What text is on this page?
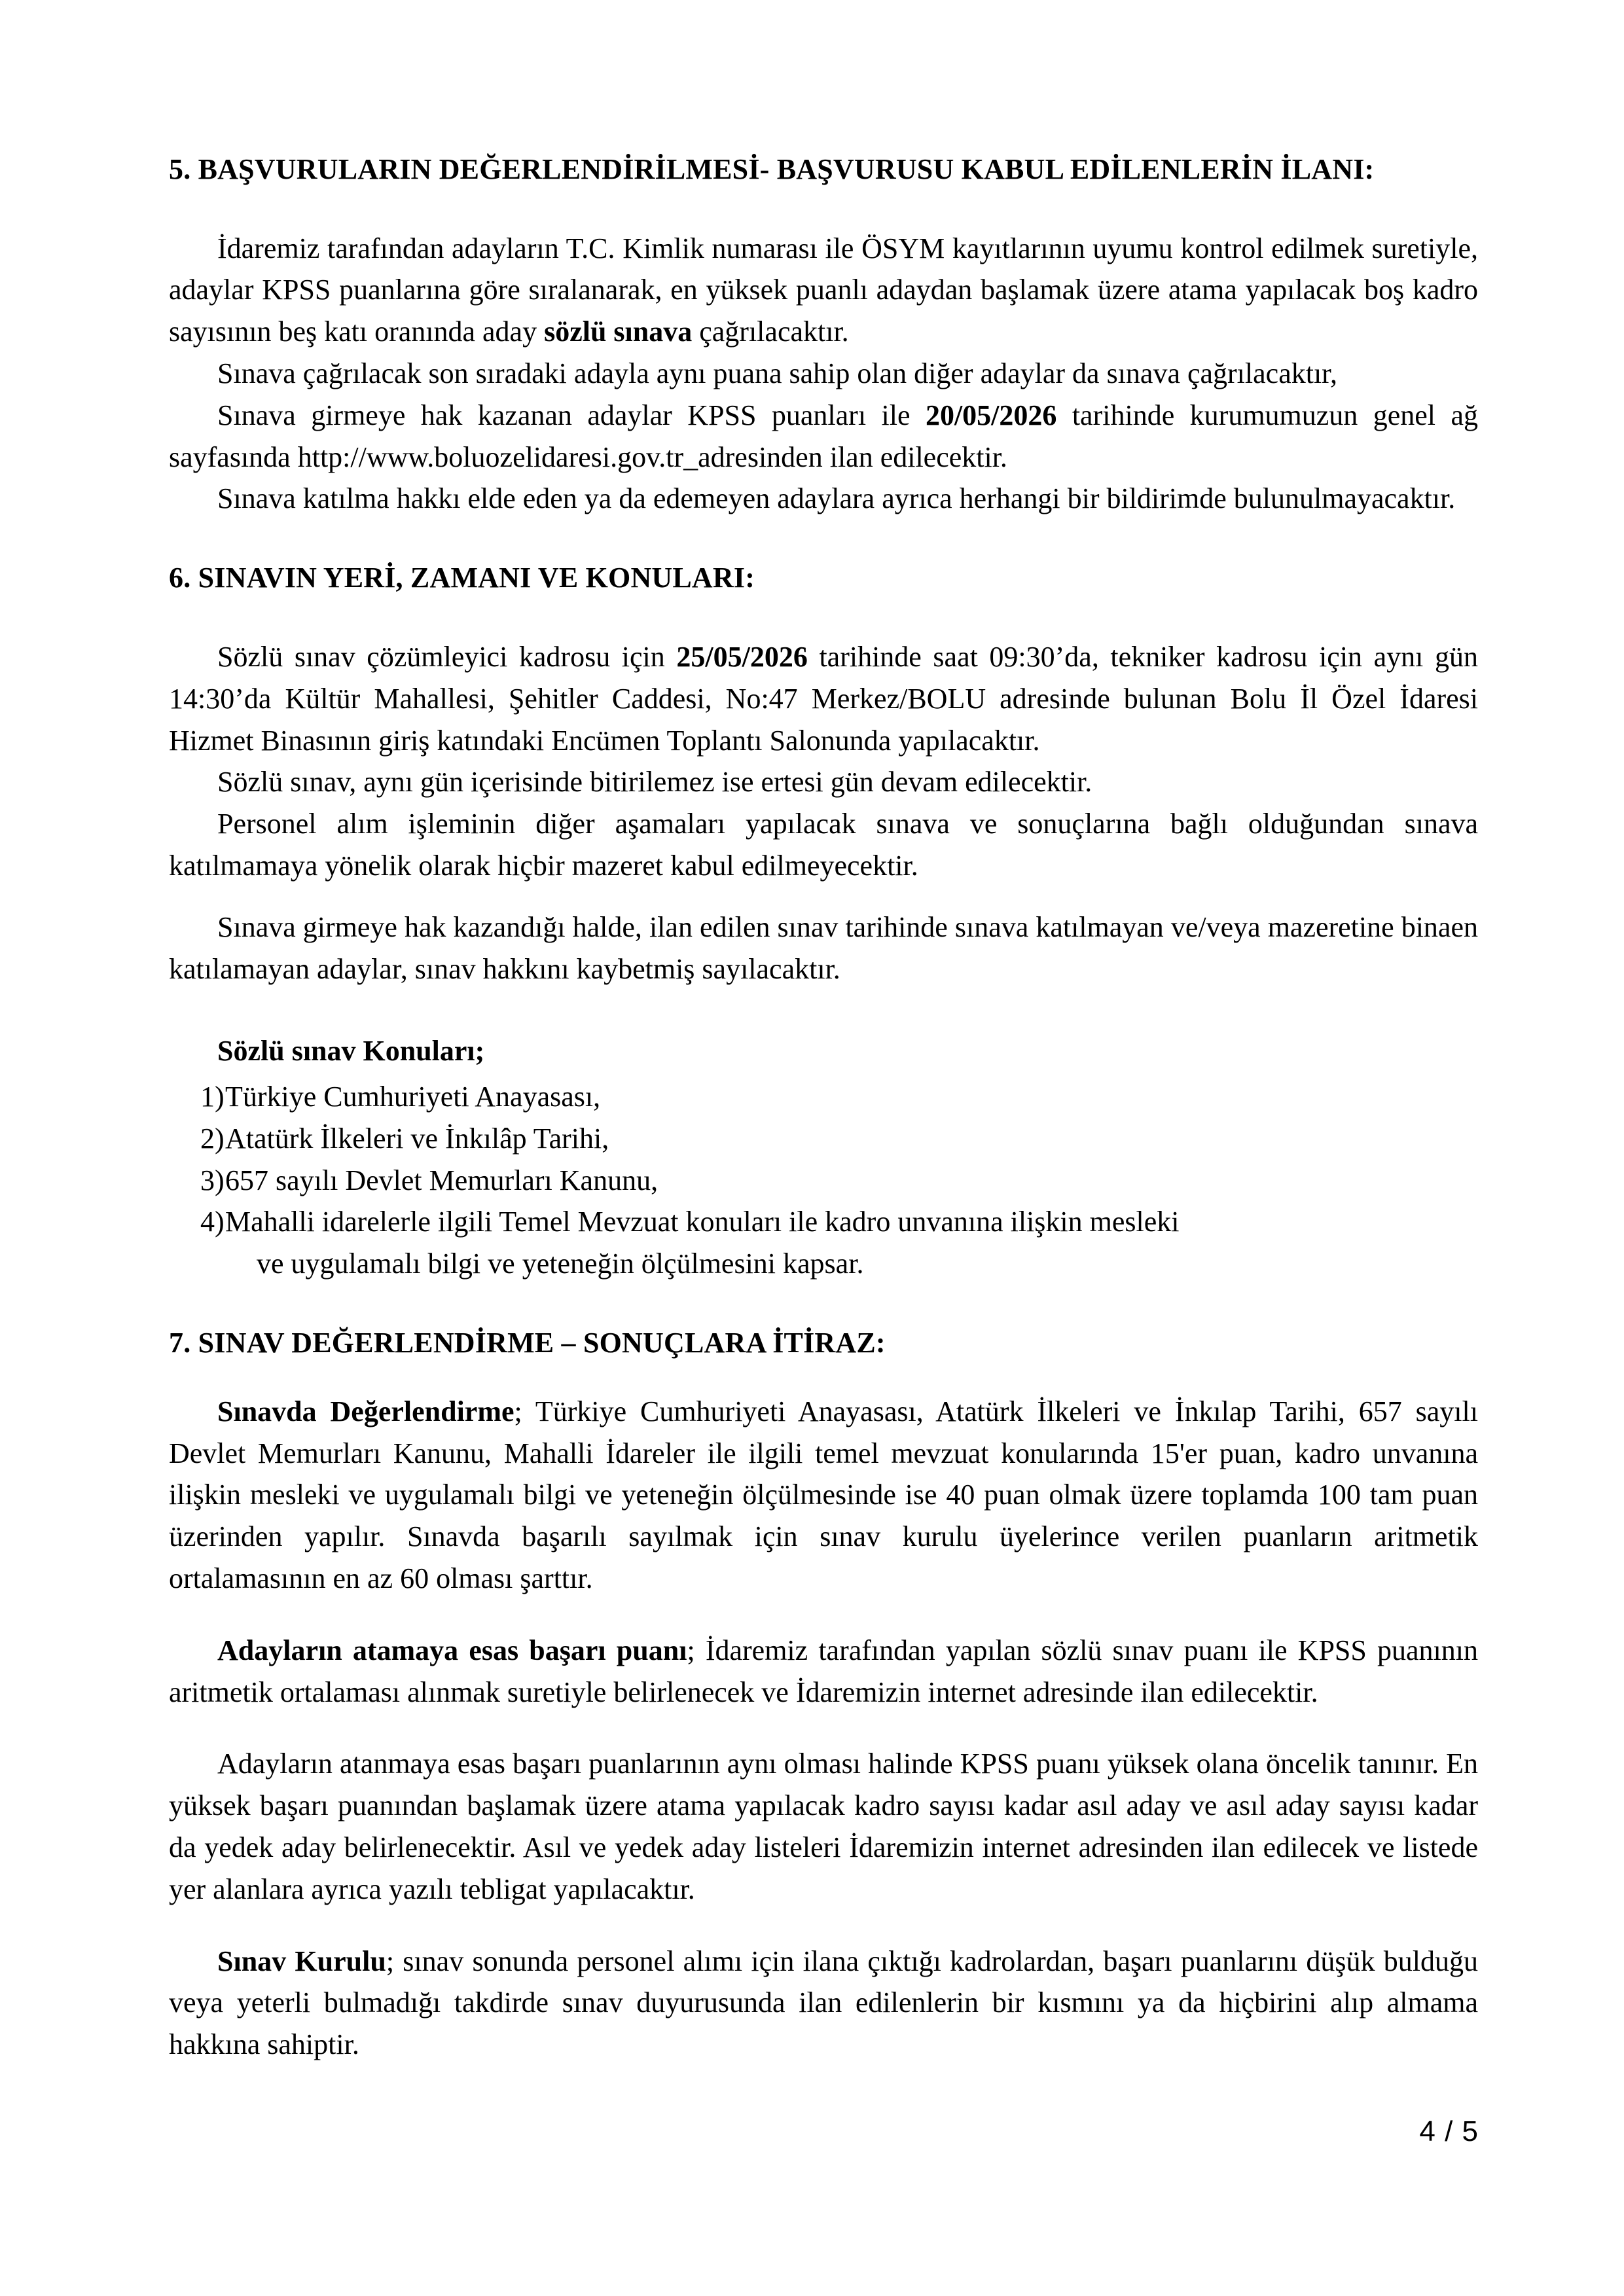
5. BAŞVURULARIN DEĞERLENDİRİLMESİ- BAŞVURUSU KABUL EDİLENLERİN İLANI:

İdaremiz tarafından adayların T.C. Kimlik numarası ile ÖSYM kayıtlarının uyumu kontrol edilmek suretiyle, adaylar KPSS puanlarına göre sıralanarak, en yüksek puanlı adaydan başlamak üzere atama yapılacak boş kadro sayısının beş katı oranında aday sözlü sınava çağrılacaktır.

Sınava çağrılacak son sıradaki adayla aynı puana sahip olan diğer adaylar da sınava çağrılacaktır,

Sınava girmeye hak kazanan adaylar KPSS puanları ile 20/05/2026 tarihinde kurumumuzun genel ağ sayfasında http://www.boluozelidaresi.gov.tr_adresinden ilan edilecektir.

Sınava katılma hakkı elde eden ya da edemeyen adaylara ayrıca herhangi bir bildirimde bulunulmayacaktır.

6. SINAVIN YERİ, ZAMANI VE KONULARI:

Sözlü sınav çözümleyici kadrosu için 25/05/2026 tarihinde saat 09:30’da, tekniker kadrosu için aynı gün 14:30’da Kültür Mahallesi, Şehitler Caddesi, No:47 Merkez/BOLU adresinde bulunan Bolu İl Özel İdaresi Hizmet Binasının giriş katındaki Encümen Toplantı Salonunda yapılacaktır.

Sözlü sınav, aynı gün içerisinde bitirilemez ise ertesi gün devam edilecektir.

Personel alım işleminin diğer aşamaları yapılacak sınava ve sonuçlarına bağlı olduğundan sınava katılmamaya yönelik olarak hiçbir mazeret kabul edilmeyecektir.

Sınava girmeye hak kazandığı halde, ilan edilen sınav tarihinde sınava katılmayan ve/veya mazeretine binaen katılamayan adaylar, sınav hakkını kaybetmiş sayılacaktır.

Sözlü sınav Konuları;
1) Türkiye Cumhuriyeti Anayasası,
2) Atatürk İlkeleri ve İnkılâp Tarihi,
3) 657 sayılı Devlet Memurları Kanunu,
4) Mahalli idarelerle ilgili Temel Mevzuat konuları ile kadro unvanına ilişkin mesleki
ve uygulamalı bilgi ve yeteneğin ölçülmesini kapsar.
7. SINAV DEĞERLENDİRME – SONUÇLARA İTİRAZ:

Sınavda Değerlendirme; Türkiye Cumhuriyeti Anayasası, Atatürk İlkeleri ve İnkılap Tarihi, 657 sayılı Devlet Memurları Kanunu, Mahalli İdareler ile ilgili temel mevzuat konularında 15'er puan, kadro unvanına ilişkin mesleki ve uygulamalı bilgi ve yeteneğin ölçülmesinde ise 40 puan olmak üzere toplamda 100 tam puan üzerinden yapılır. Sınavda başarılı sayılmak için sınav kurulu üyelerince verilen puanların aritmetik ortalamasının en az 60 olması şarttır.

Adayların atamaya esas başarı puanı; İdaremiz tarafından yapılan sözlü sınav puanı ile KPSS puanının aritmetik ortalaması alınmak suretiyle belirlenecek ve İdaremizin internet adresinde ilan edilecektir.

Adayların atanmaya esas başarı puanlarının aynı olması halinde KPSS puanı yüksek olana öncelik tanınır. En yüksek başarı puanından başlamak üzere atama yapılacak kadro sayısı kadar asıl aday ve asıl aday sayısı kadar da yedek aday belirlenecektir. Asıl ve yedek aday listeleri İdaremizin internet adresinden ilan edilecek ve listede yer alanlara ayrıca yazılı tebligat yapılacaktır.

Sınav Kurulu; sınav sonunda personel alımı için ilana çıktığı kadrolardan, başarı puanlarını düşük bulduğu veya yeterli bulmadığı takdirde sınav duyurusunda ilan edilenlerin bir kısmını ya da hiçbirini alıp almama hakkına sahiptir.

4 / 5
